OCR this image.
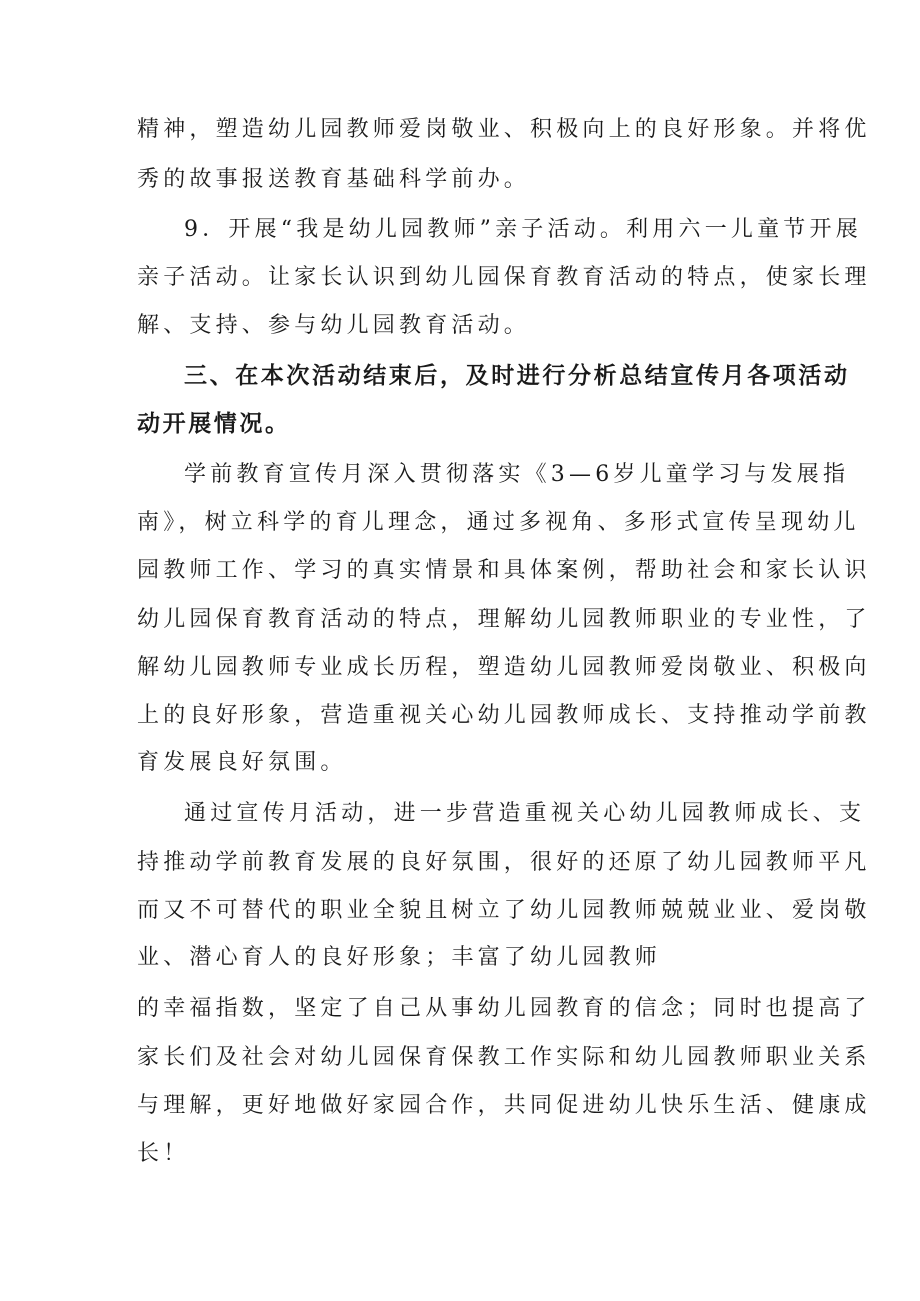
精神，塑造幼儿园教师爱岗敬业、积极向上的良好形象。并将优
秀的故事报送教育基础科学前办。
9．开展“我是幼儿园教师”亲子活动。利用六一儿童节开展
亲子活动。让家长认识到幼儿园保育教育活动的特点，使家长理
解、支持、参与幼儿园教育活动。
三、在本次活动结束后，及时进行分析总结宣传月各项活动
动开展情况。
学前教育宣传月深入贯彻落实《3—6岁儿童学习与发展指
南》，树立科学的育儿理念，通过多视角、多形式宣传呈现幼儿
园教师工作、学习的真实情景和具体案例，帮助社会和家长认识
幼儿园保育教育活动的特点，理解幼儿园教师职业的专业性，了
解幼儿园教师专业成长历程，塑造幼儿园教师爱岗敬业、积极向
上的良好形象，营造重视关心幼儿园教师成长、支持推动学前教
育发展良好氛围。
通过宣传月活动，进一步营造重视关心幼儿园教师成长、支
持推动学前教育发展的良好氛围，很好的还原了幼儿园教师平凡
而又不可替代的职业全貌且树立了幼儿园教师兢兢业业、爱岗敬
业、潜心育人的良好形象；丰富了幼儿园教师
的幸福指数，坚定了自己从事幼儿园教育的信念；同时也提高了
家长们及社会对幼儿园保育保教工作实际和幼儿园教师职业关系
与理解，更好地做好家园合作，共同促进幼儿快乐生活、健康成
长！
